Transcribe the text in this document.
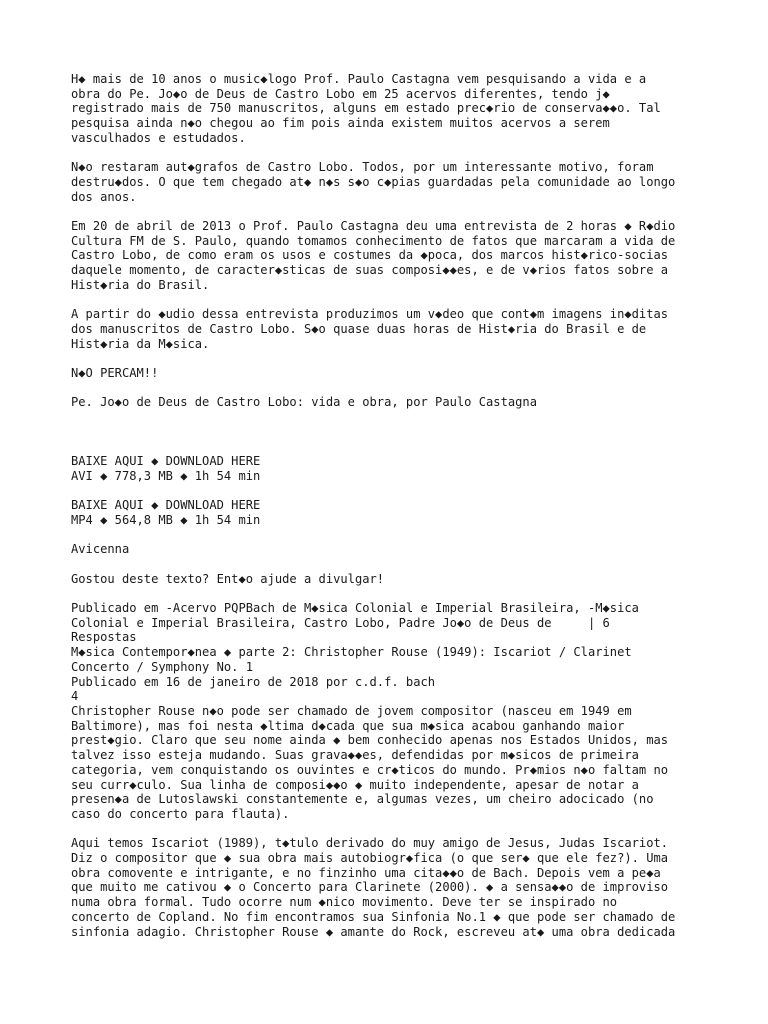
H◆ mais de 10 anos o music◆logo Prof. Paulo Castagna vem pesquisando a vida e a
obra do Pe. Jo◆o de Deus de Castro Lobo em 25 acervos diferentes, tendo j◆
registrado mais de 750 manuscritos, alguns em estado prec◆rio de conserva◆◆o. Tal
pesquisa ainda n◆o chegou ao fim pois ainda existem muitos acervos a serem
vasculhados e estudados.

N◆o restaram aut◆grafos de Castro Lobo. Todos, por um interessante motivo, foram
destru◆dos. O que tem chegado at◆ n◆s s◆o c◆pias guardadas pela comunidade ao longo
dos anos.

Em 20 de abril de 2013 o Prof. Paulo Castagna deu uma entrevista de 2 horas ◆ R◆dio
Cultura FM de S. Paulo, quando tomamos conhecimento de fatos que marcaram a vida de
Castro Lobo, de como eram os usos e costumes da ◆poca, dos marcos hist◆rico-socias
daquele momento, de caracter◆sticas de suas composi◆◆es, e de v◆rios fatos sobre a
Hist◆ria do Brasil.

A partir do ◆udio dessa entrevista produzimos um v◆deo que cont◆m imagens in◆ditas
dos manuscritos de Castro Lobo. S◆o quase duas horas de Hist◆ria do Brasil e de
Hist◆ria da M◆sica.

N◆O PERCAM!!

Pe. Jo◆o de Deus de Castro Lobo: vida e obra, por Paulo Castagna

BAIXE AQUI ◆ DOWNLOAD HERE
AVI ◆ 778,3 MB ◆ 1h 54 min

BAIXE AQUI ◆ DOWNLOAD HERE
MP4 ◆ 564,8 MB ◆ 1h 54 min

Avicenna

Gostou deste texto? Ent◆o ajude a divulgar!

Publicado em -Acervo PQPBach de M◆sica Colonial e Imperial Brasileira, -M◆sica
Colonial e Imperial Brasileira, Castro Lobo, Padre Jo◆o de Deus de     | 6
Respostas
M◆sica Contempor◆nea ◆ parte 2: Christopher Rouse (1949): Iscariot / Clarinet
Concerto / Symphony No. 1
Publicado em 16 de janeiro de 2018 por c.d.f. bach
4
Christopher Rouse n◆o pode ser chamado de jovem compositor (nasceu em 1949 em
Baltimore), mas foi nesta ◆ltima d◆cada que sua m◆sica acabou ganhando maior
prest◆gio. Claro que seu nome ainda ◆ bem conhecido apenas nos Estados Unidos, mas
talvez isso esteja mudando. Suas grava◆◆es, defendidas por m◆sicos de primeira
categoria, vem conquistando os ouvintes e cr◆ticos do mundo. Pr◆mios n◆o faltam no
seu curr◆culo. Sua linha de composi◆◆o ◆ muito independente, apesar de notar a
presen◆a de Lutoslawski constantemente e, algumas vezes, um cheiro adocicado (no
caso do concerto para flauta).

Aqui temos Iscariot (1989), t◆tulo derivado do muy amigo de Jesus, Judas Iscariot.
Diz o compositor que ◆ sua obra mais autobiogr◆fica (o que ser◆ que ele fez?). Uma
obra comovente e intrigante, e no finzinho uma cita◆◆o de Bach. Depois vem a pe◆a
que muito me cativou ◆ o Concerto para Clarinete (2000). ◆ a sensa◆◆o de improviso
numa obra formal. Tudo ocorre num ◆nico movimento. Deve ter se inspirado no
concerto de Copland. No fim encontramos sua Sinfonia No.1 ◆ que pode ser chamado de
sinfonia adagio. Christopher Rouse ◆ amante do Rock, escreveu at◆ uma obra dedicada
